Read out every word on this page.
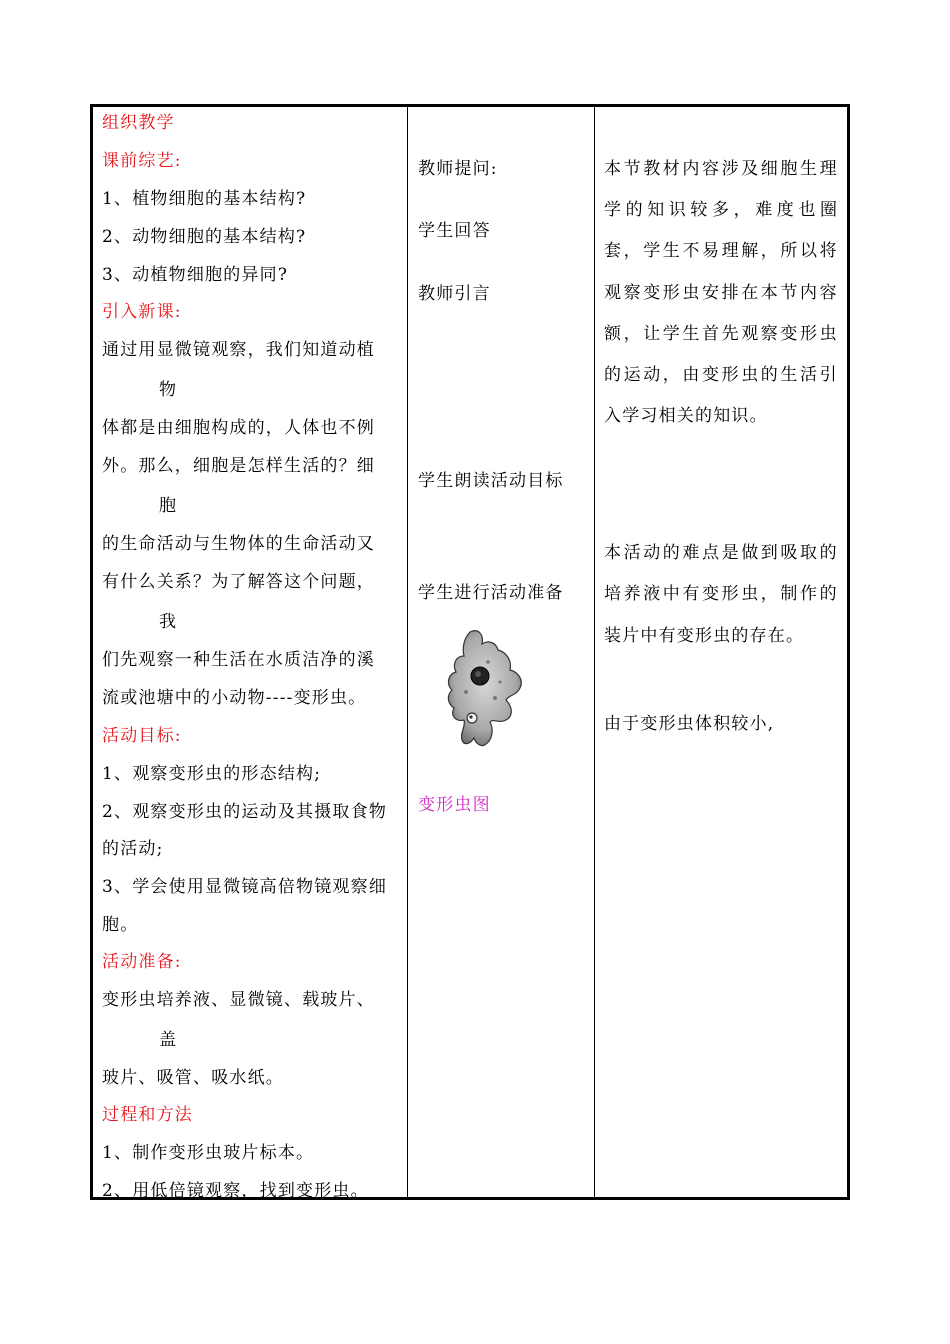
组织教学
课前综艺:
1、植物细胞的基本结构?
2、动物细胞的基本结构?
3、动植物细胞的异同?
引入新课:
通过用显微镜观察，我们知道动植
物
体都是由细胞构成的，人体也不例
外。那么，细胞是怎样生活的？细
胞
的生命活动与生物体的生命活动又
有什么关系？为了解答这个问题，
我
们先观察一种生活在水质洁净的溪
流或池塘中的小动物----变形虫。
活动目标:
1、观察变形虫的形态结构;
2、观察变形虫的运动及其摄取食物
的活动;
3、学会使用显微镜高倍物镜观察细
胞。
活动准备:
变形虫培养液、显微镜、载玻片、
盖
玻片、吸管、吸水纸。
过程和方法
1、制作变形虫玻片标本。
2、用低倍镜观察，找到变形虫。
教师提问:
学生回答
教师引言
学生朗读活动目标
学生进行活动准备
变形虫图
本节教材内容涉及细胞生理
学的知识较多，难度也圈
套，学生不易理解，所以将
观察变形虫安排在本节内容
额，让学生首先观察变形虫
的运动，由变形虫的生活引
入学习相关的知识。
本活动的难点是做到吸取的
培养液中有变形虫，制作的
装片中有变形虫的存在。
由于变形虫体积较小,
